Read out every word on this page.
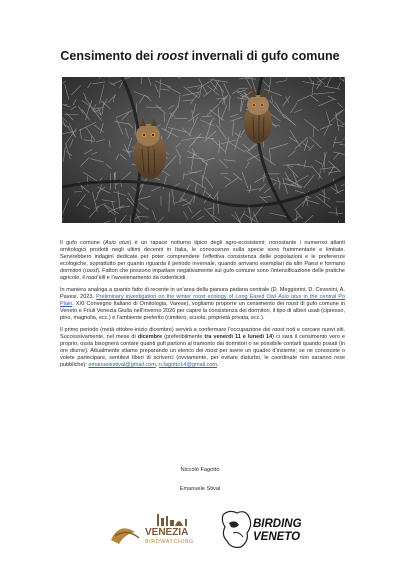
Censimento dei roost invernali di gufo comune

Il gufo comune (Asio otus) è un rapace notturno tipico degli agro-ecosistemi; nonostante i numerosi atlanti ornitologici prodotti negli ultimi decenni in Italia, le conoscenze sulla specie sono frammentarie e limitate. Servirebbero indagini dedicate per poter comprendere l’effettiva consistenza delle popolazioni e le preferenze ecologiche, soprattutto per quanto riguarda il periodo invernale, quando arrivano esemplari da altri Paesi e formano dormitori (roost). Fattori che possono impattare negativamente sul gufo comune sono l’intensificazione delle pratiche agricole, il road kill e l’avvelenamento da rodenticidi.

In maniera analoga a quanto fatto di recente in un’area della pianura padana centrale (D. Meggiorini, D. Cevenini, A. Pavesi, 2023. Preliminary investigation on the winter roost ecology of Long Eared Owl Asio otus in the central Po Plain. XXI Convegno Italiano di Ornitologia, Varese), vogliamo proporre un censimento dei roost di gufo comune in Veneto e Friuli Venezia Giulia nell’inverno 2026 per capire la consistenza dei dormitori, il tipo di alberi usati (cipresso, pino, magnolia, ecc.) e l’ambiente preferito (cimitero, scuola, proprietà privata, ecc.).

Il primo periodo (metà ottobre-inizio dicembre) servirà a confermare l’occupazione dei roost noti e cercare nuovi siti. Successivamente, nel mese di dicembre (preferibilmente tra venerdì 11 e lunedì 14) ci sarà il censimento vero e proprio, ossia bisognerà contare quanti gufi partono al tramonto dai dormitori o se possibile contarli quando posati (in ore diurne). Attualmente stiamo preparando un elenco dei roost per avere un quadro d’insieme; se ne conoscete o volete partecipare, sentitevi liberi di scriverci (ovviamente, per evitare disturbo, le coordinate non saranno rese pubbliche): emanuelestival@gmail.com, n.fagotto14@gmail.com.

Niccolò Fagotto
Emanuele Stival
VENEZIA
BIRDWATCHING
BIRDING
VENETO
